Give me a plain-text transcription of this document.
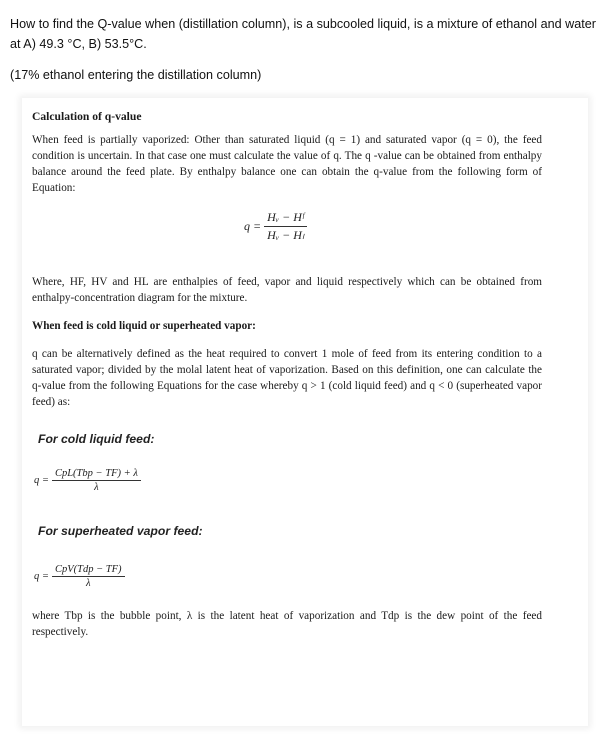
How to find the Q-value when (distillation column), is a subcooled liquid, is a mixture of ethanol and water at A) 49.3 °C, B) 53.5°C.
(17% ethanol entering the distillation column)
Calculation of q-value
When feed is partially vaporized: Other than saturated liquid (q = 1) and saturated vapor (q = 0), the feed condition is uncertain. In that case one must calculate the value of q. The q -value can be obtained from enthalpy balance around the feed plate. By enthalpy balance one can obtain the q-value from the following form of Equation:
$q = \frac{\text{Hᵥ − Hᶠ}}{\text{Hᵥ − Hₗ}}$
Where, HF, HV and HL are enthalpies of feed, vapor and liquid respectively which can be obtained from enthalpy-concentration diagram for the mixture.
When feed is cold liquid or superheated vapor:
q can be alternatively defined as the heat required to convert 1 mole of feed from its entering condition to a saturated vapor; divided by the molal latent heat of vaporization. Based on this definition, one can calculate the q-value from the following Equations for the case whereby q > 1 (cold liquid feed) and q < 0 (superheated vapor feed) as:
For cold liquid feed:
$q = \frac{\text{CpL(Tbp − TF) + λ}}{\lambda}$
For superheated vapor feed:
$q = \frac{\text{CpV(Tdp − TF)}}{\lambda}$
where Tbp is the bubble point, λ is the latent heat of vaporization and Tdp is the dew point of the feed respectively.
